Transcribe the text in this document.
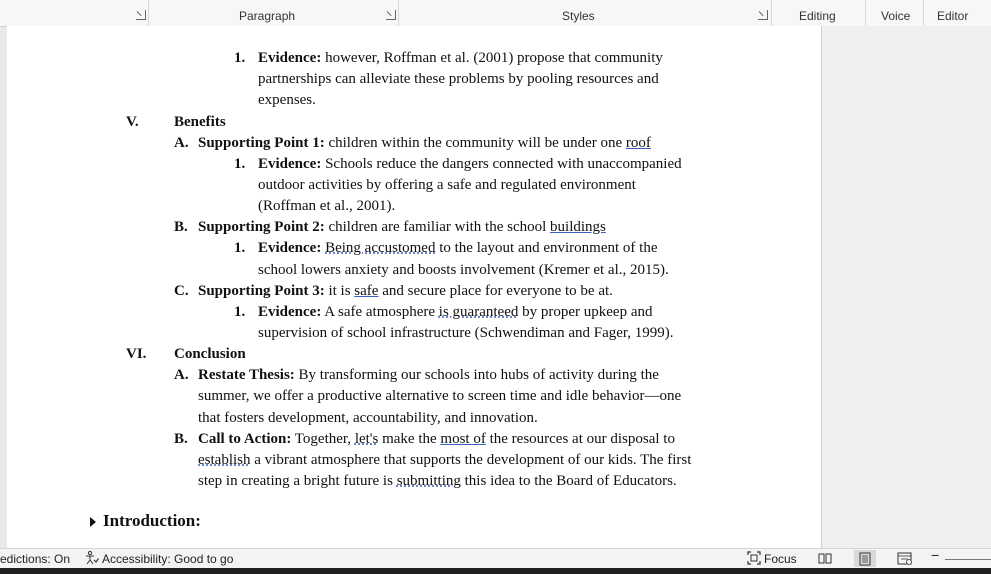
Paragraph	Styles	Editing	Voice Editor
1. Evidence: however, Roffman et al. (2001) propose that community
partnerships can alleviate these problems by pooling resources and
expenses.
V. Benefits
A. Supporting Point 1: children within the community will be under one roof
1. Evidence: Schools reduce the dangers connected with unaccompanied
outdoor activities by offering a safe and regulated environment
(Roffman et al., 2001).
B. Supporting Point 2: children are familiar with the school buildings
1. Evidence: Being accustomed to the layout and environment of the
school lowers anxiety and boosts involvement (Kremer et al., 2015).
C. Supporting Point 3: it is safe and secure place for everyone to be at.
1. Evidence: A safe atmosphere is guaranteed by proper upkeep and
supervision of school infrastructure (Schwendiman and Fager, 1999).
VI. Conclusion
A. Restate Thesis: By transforming our schools into hubs of activity during the
summer, we offer a productive alternative to screen time and idle behavior—one
that fosters development, accountability, and innovation.
B. Call to Action: Together, let's make the most of the resources at our disposal to
establish a vibrant atmosphere that supports the development of our kids. The first
step in creating a bright future is submitting this idea to the Board of Educators.
Introduction:
edictions: On	Accessibility: Good to go	Focus	−
